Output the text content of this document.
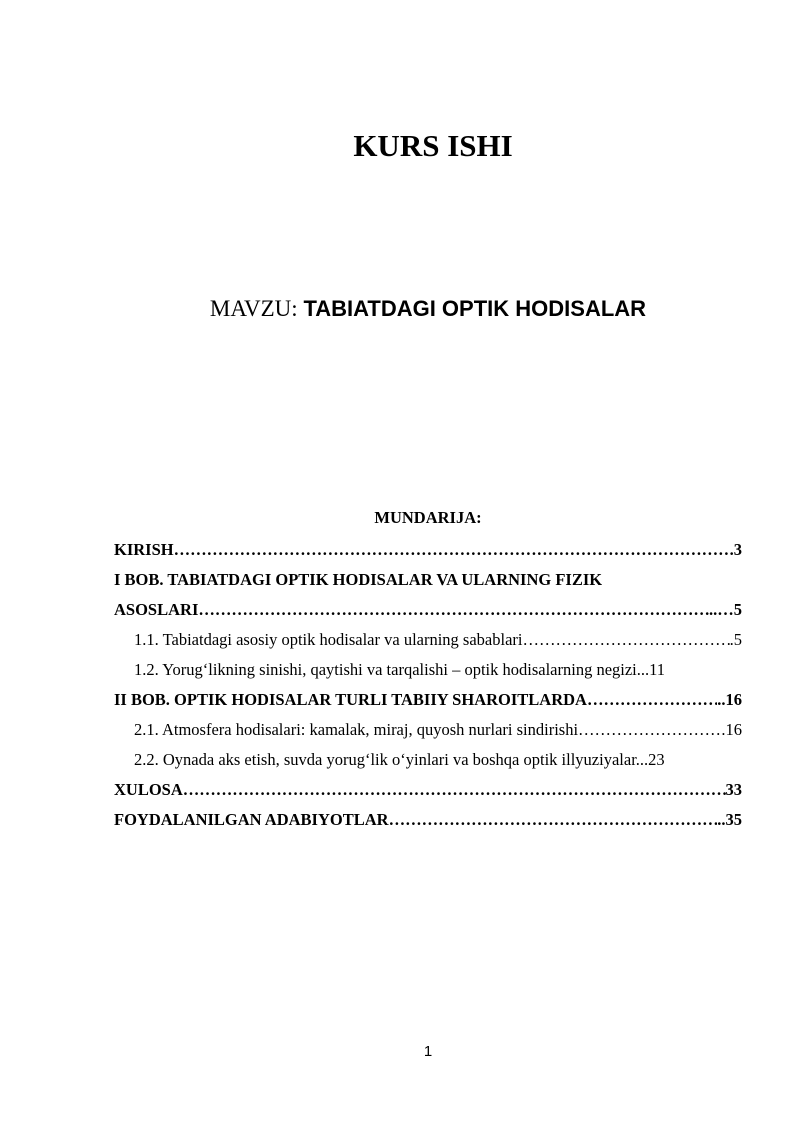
KURS ISHI

MAVZU: TABIATDAGI OPTIK HODISALAR

MUNDARIJA:

KIRISH ………………………………………………………………………………………………………………………………………………………………	.3
I BOB. TABIATDAGI OPTIK HODISALAR VA ULARNING FIZIK
ASOSLARI ………………………………………………………………………………………………………………………………………………………………	..…5
1.1. Tabiatdagi asosiy optik hodisalar va ularning sabablari ………………………………………………………………………………………………………………………………………………………………	.5
1.2. Yorug‘likning sinishi, qaytishi va tarqalishi – optik hodisalarning negizi...11
II BOB. OPTIK HODISALAR TURLI TABIIY SHAROITLARDA ………………………………………………………………………………………………………………………………………………………………	..16
2.1. Atmosfera hodisalari: kamalak, miraj, quyosh nurlari sindirishi ………………………………………………………………………………………………………………………………………………………………	.16
2.2. Oynada aks etish, suvda yorug‘lik o‘yinlari va boshqa optik illyuziyalar...23
XULOSA ………………………………………………………………………………………………………………………………………………………………	33
FOYDALANILGAN ADABIYOTLAR ………………………………………………………………………………………………………………………………………………………………	..35

1
